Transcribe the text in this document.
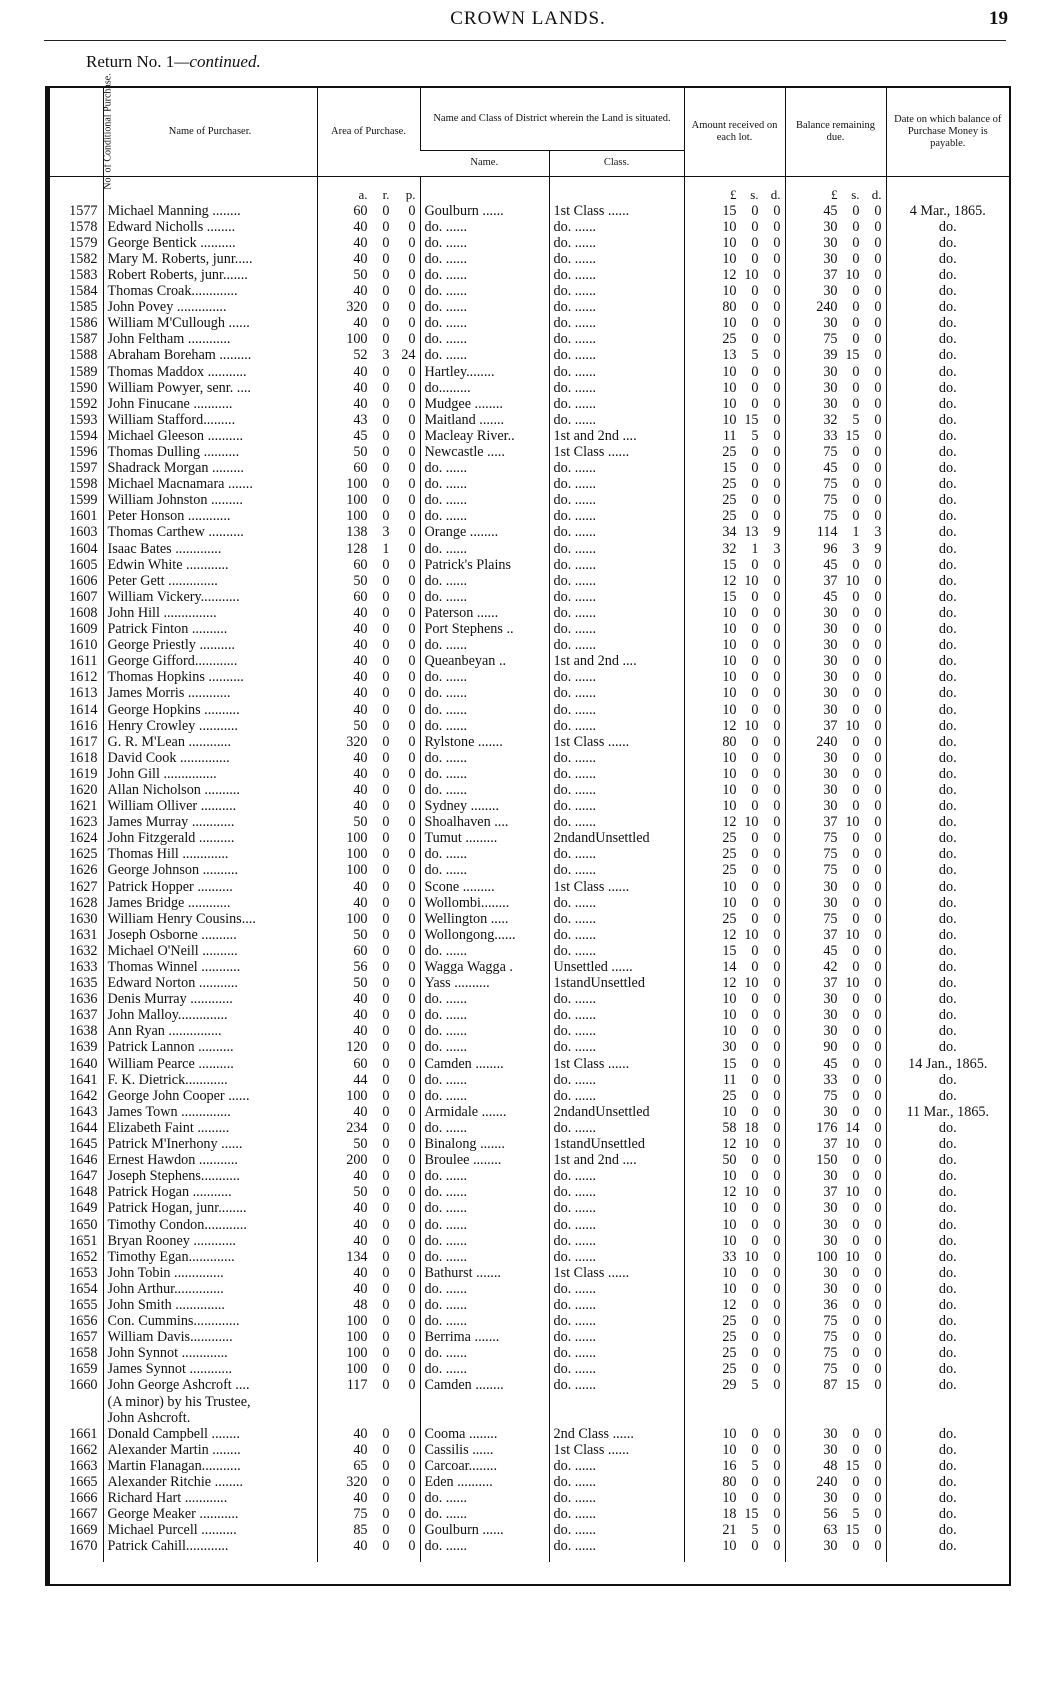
CROWN LANDS.	19
Return No. 1—continued.
No. of Conditional Purchase.	Name of Purchaser.	Area of Purchase.	Name and Class of District wherein the Land is situated.		Amount received on each lot.	Balance remaining due.	Date on which balance of Purchase Money is payable.
			Name.	Class.			

		a. r. p.			£ s. d.	£ s. d.	

1577	Michael Manning ........	60 0 0	Goulburn ......	1st Class ......	15 0 0	45 0 0	4 Mar., 1865.
1578	Edward Nicholls ........	40 0 0	do. ......	do. ......	10 0 0	30 0 0	do.
1579	George Bentick ..........	40 0 0	do. ......	do. ......	10 0 0	30 0 0	do.
1582	Mary M. Roberts, junr.....	40 0 0	do. ......	do. ......	10 0 0	30 0 0	do.
1583	Robert Roberts, junr.......	50 0 0	do. ......	do. ......	12 10 0	37 10 0	do.
1584	Thomas Croak.............	40 0 0	do. ......	do. ......	10 0 0	30 0 0	do.
1585	John Povey ..............	320 0 0	do. ......	do. ......	80 0 0	240 0 0	do.
1586	William M'Cullough ......	40 0 0	do. ......	do. ......	10 0 0	30 0 0	do.
1587	John Feltham ............	100 0 0	do. ......	do. ......	25 0 0	75 0 0	do.
1588	Abraham Boreham .........	52 3 24	do. ......	do. ......	13 5 0	39 15 0	do.
1589	Thomas Maddox ...........	40 0 0	Hartley........	do. ......	10 0 0	30 0 0	do.
1590	William Powyer, senr. ....	40 0 0	do.........	do. ......	10 0 0	30 0 0	do.
1592	John Finucane ...........	40 0 0	Mudgee ........	do. ......	10 0 0	30 0 0	do.
1593	William Stafford.........	43 0 0	Maitland .......	do. ......	10 15 0	32 5 0	do.
1594	Michael Gleeson ..........	45 0 0	Macleay River..	1st and 2nd ....	11 5 0	33 15 0	do.
1596	Thomas Dulling ..........	50 0 0	Newcastle .....	1st Class ......	25 0 0	75 0 0	do.
1597	Shadrack Morgan .........	60 0 0	do. ......	do. ......	15 0 0	45 0 0	do.
1598	Michael Macnamara .......	100 0 0	do. ......	do. ......	25 0 0	75 0 0	do.
1599	William Johnston .........	100 0 0	do. ......	do. ......	25 0 0	75 0 0	do.
1601	Peter Honson ............	100 0 0	do. ......	do. ......	25 0 0	75 0 0	do.
1603	Thomas Carthew ..........	138 3 0	Orange ........	do. ......	34 13 9	114 1 3	do.
1604	Isaac Bates .............	128 1 0	do. ......	do. ......	32 1 3	96 3 9	do.
1605	Edwin White ............	60 0 0	Patrick's Plains	do. ......	15 0 0	45 0 0	do.
1606	Peter Gett ..............	50 0 0	do. ......	do. ......	12 10 0	37 10 0	do.
1607	William Vickery...........	60 0 0	do. ......	do. ......	15 0 0	45 0 0	do.
1608	John Hill ...............	40 0 0	Paterson ......	do. ......	10 0 0	30 0 0	do.
1609	Patrick Finton ..........	40 0 0	Port Stephens ..	do. ......	10 0 0	30 0 0	do.
1610	George Priestly ..........	40 0 0	do. ......	do. ......	10 0 0	30 0 0	do.
1611	George Gifford............	40 0 0	Queanbeyan ..	1st and 2nd ....	10 0 0	30 0 0	do.
1612	Thomas Hopkins ..........	40 0 0	do. ......	do. ......	10 0 0	30 0 0	do.
1613	James Morris ............	40 0 0	do. ......	do. ......	10 0 0	30 0 0	do.
1614	George Hopkins ..........	40 0 0	do. ......	do. ......	10 0 0	30 0 0	do.
1616	Henry Crowley ...........	50 0 0	do. ......	do. ......	12 10 0	37 10 0	do.
1617	G. R. M'Lean ............	320 0 0	Rylstone .......	1st Class ......	80 0 0	240 0 0	do.
1618	David Cook ..............	40 0 0	do. ......	do. ......	10 0 0	30 0 0	do.
1619	John Gill ...............	40 0 0	do. ......	do. ......	10 0 0	30 0 0	do.
1620	Allan Nicholson ..........	40 0 0	do. ......	do. ......	10 0 0	30 0 0	do.
1621	William Olliver ..........	40 0 0	Sydney ........	do. ......	10 0 0	30 0 0	do.
1623	James Murray ............	50 0 0	Shoalhaven ....	do. ......	12 10 0	37 10 0	do.
1624	John Fitzgerald ..........	100 0 0	Tumut .........	2ndandUnsettled	25 0 0	75 0 0	do.
1625	Thomas Hill .............	100 0 0	do. ......	do. ......	25 0 0	75 0 0	do.
1626	George Johnson ..........	100 0 0	do. ......	do. ......	25 0 0	75 0 0	do.
1627	Patrick Hopper ..........	40 0 0	Scone .........	1st Class ......	10 0 0	30 0 0	do.
1628	James Bridge ............	40 0 0	Wollombi........	do. ......	10 0 0	30 0 0	do.
1630	William Henry Cousins....	100 0 0	Wellington .....	do. ......	25 0 0	75 0 0	do.
1631	Joseph Osborne ..........	50 0 0	Wollongong......	do. ......	12 10 0	37 10 0	do.
1632	Michael O'Neill ..........	60 0 0	do. ......	do. ......	15 0 0	45 0 0	do.
1633	Thomas Winnel ...........	56 0 0	Wagga Wagga .	Unsettled ......	14 0 0	42 0 0	do.
1635	Edward Norton ...........	50 0 0	Yass ..........	1standUnsettled	12 10 0	37 10 0	do.
1636	Denis Murray ............	40 0 0	do. ......	do. ......	10 0 0	30 0 0	do.
1637	John Malloy..............	40 0 0	do. ......	do. ......	10 0 0	30 0 0	do.
1638	Ann Ryan ...............	40 0 0	do. ......	do. ......	10 0 0	30 0 0	do.
1639	Patrick Lannon ..........	120 0 0	do. ......	do. ......	30 0 0	90 0 0	do.
1640	William Pearce ..........	60 0 0	Camden ........	1st Class ......	15 0 0	45 0 0	14 Jan., 1865.
1641	F. K. Dietrick............	44 0 0	do. ......	do. ......	11 0 0	33 0 0	do.
1642	George John Cooper ......	100 0 0	do. ......	do. ......	25 0 0	75 0 0	do.
1643	James Town ..............	40 0 0	Armidale .......	2ndandUnsettled	10 0 0	30 0 0	11 Mar., 1865.
1644	Elizabeth Faint .........	234 0 0	do. ......	do. ......	58 18 0	176 14 0	do.
1645	Patrick M'Inerhony ......	50 0 0	Binalong .......	1standUnsettled	12 10 0	37 10 0	do.
1646	Ernest Hawdon ...........	200 0 0	Broulee ........	1st and 2nd ....	50 0 0	150 0 0	do.
1647	Joseph Stephens...........	40 0 0	do. ......	do. ......	10 0 0	30 0 0	do.
1648	Patrick Hogan ...........	50 0 0	do. ......	do. ......	12 10 0	37 10 0	do.
1649	Patrick Hogan, junr........	40 0 0	do. ......	do. ......	10 0 0	30 0 0	do.
1650	Timothy Condon............	40 0 0	do. ......	do. ......	10 0 0	30 0 0	do.
1651	Bryan Rooney ............	40 0 0	do. ......	do. ......	10 0 0	30 0 0	do.
1652	Timothy Egan.............	134 0 0	do. ......	do. ......	33 10 0	100 10 0	do.
1653	John Tobin ..............	40 0 0	Bathurst .......	1st Class ......	10 0 0	30 0 0	do.
1654	John Arthur..............	40 0 0	do. ......	do. ......	10 0 0	30 0 0	do.
1655	John Smith ..............	48 0 0	do. ......	do. ......	12 0 0	36 0 0	do.
1656	Con. Cummins.............	100 0 0	do. ......	do. ......	25 0 0	75 0 0	do.
1657	William Davis............	100 0 0	Berrima .......	do. ......	25 0 0	75 0 0	do.
1658	John Synnot .............	100 0 0	do. ......	do. ......	25 0 0	75 0 0	do.
1659	James Synnot ............	100 0 0	do. ......	do. ......	25 0 0	75 0 0	do.
1660	John George Ashcroft ....	117 0 0	Camden ........	do. ......	29 5 0	87 15 0	do.
	(A minor) by his Trustee,	

	John Ashcroft.	

1661	Donald Campbell ........	40 0 0	Cooma ........	2nd Class ......	10 0 0	30 0 0	do.
1662	Alexander Martin ........	40 0 0	Cassilis ......	1st Class ......	10 0 0	30 0 0	do.
1663	Martin Flanagan...........	65 0 0	Carcoar........	do. ......	16 5 0	48 15 0	do.
1665	Alexander Ritchie ........	320 0 0	Eden ..........	do. ......	80 0 0	240 0 0	do.
1666	Richard Hart ............	40 0 0	do. ......	do. ......	10 0 0	30 0 0	do.
1667	George Meaker ...........	75 0 0	do. ......	do. ......	18 15 0	56 5 0	do.
1669	Michael Purcell ..........	85 0 0	Goulburn ......	do. ......	21 5 0	63 15 0	do.
1670	Patrick Cahill............	40 0 0	do. ......	do. ......	10 0 0	30 0 0	do.
